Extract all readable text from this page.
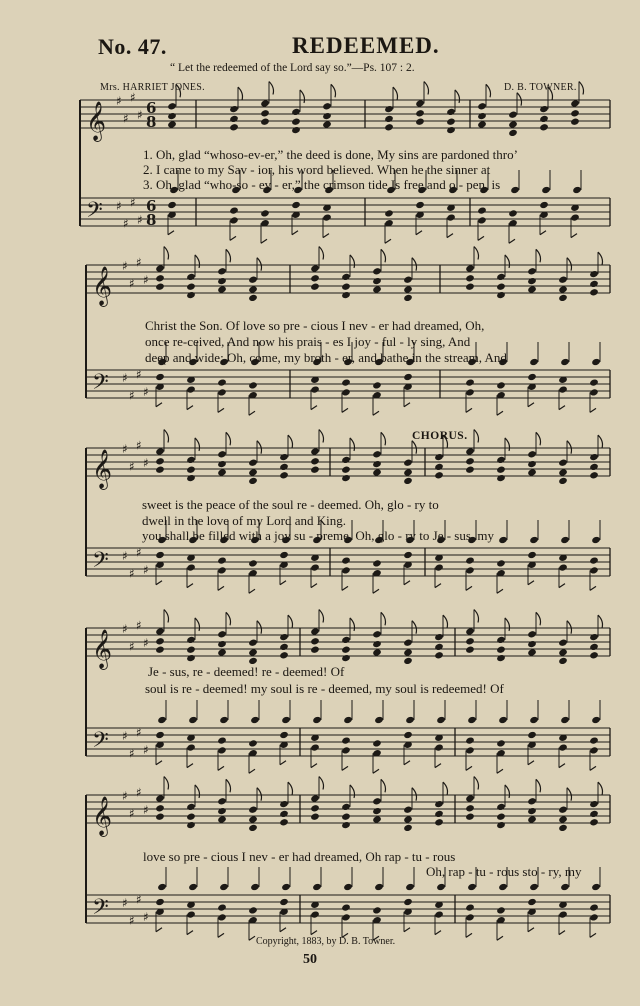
No. 47.	REDEEMED.
“ Let the redeemed of the Lord say so.”—Ps. 107 : 2.
Mrs. HARRIET JONES.	D. B. TOWNER.
𝄞
𝄢
♯
♯
♯
♯
♯
♯
♯
♯
6
8
6
8
𝄞
𝄢
♯
♯
♯
♯
♯
♯
♯
♯
𝄞
𝄢
♯
♯
♯
♯
♯
♯
♯
♯
𝄞
𝄢
♯
♯
♯
♯
♯
♯
♯
♯
𝄞
𝄢
♯
♯
♯
♯
♯
♯
♯
♯
1. Oh, glad “whoso-ev-er,” the deed is done, My sins are pardoned thro’
2. I came to my Sav - ior, his word believed. When he the sinner at
3. Oh, glad “who-so - ev - er,” the crimson tide Is free and o - pen, is
Christ the Son. Of love so pre - cious I nev - er had dreamed, Oh,
once re-ceived, And now his prais - es I joy - ful - ly sing, And
deep and wide; Oh, come, my broth - er, and bathe in the stream, And
CHORUS.
sweet is the peace of the soul re - deemed. Oh, glo - ry to
dwell in the love of my Lord and King.
you shall be filled with a joy su - preme. Oh, glo - ry to Je - sus, my
Je - sus, re - deemed! re - deemed! Of
soul is re - deemed! my soul is re - deemed, my soul is redeemed! Of
love so pre - cious I nev - er had dreamed, Oh rap - tu - rous
Oh, rap - tu - rous sto - ry, my
Copyright, 1883, by D. B. Towner.
50
